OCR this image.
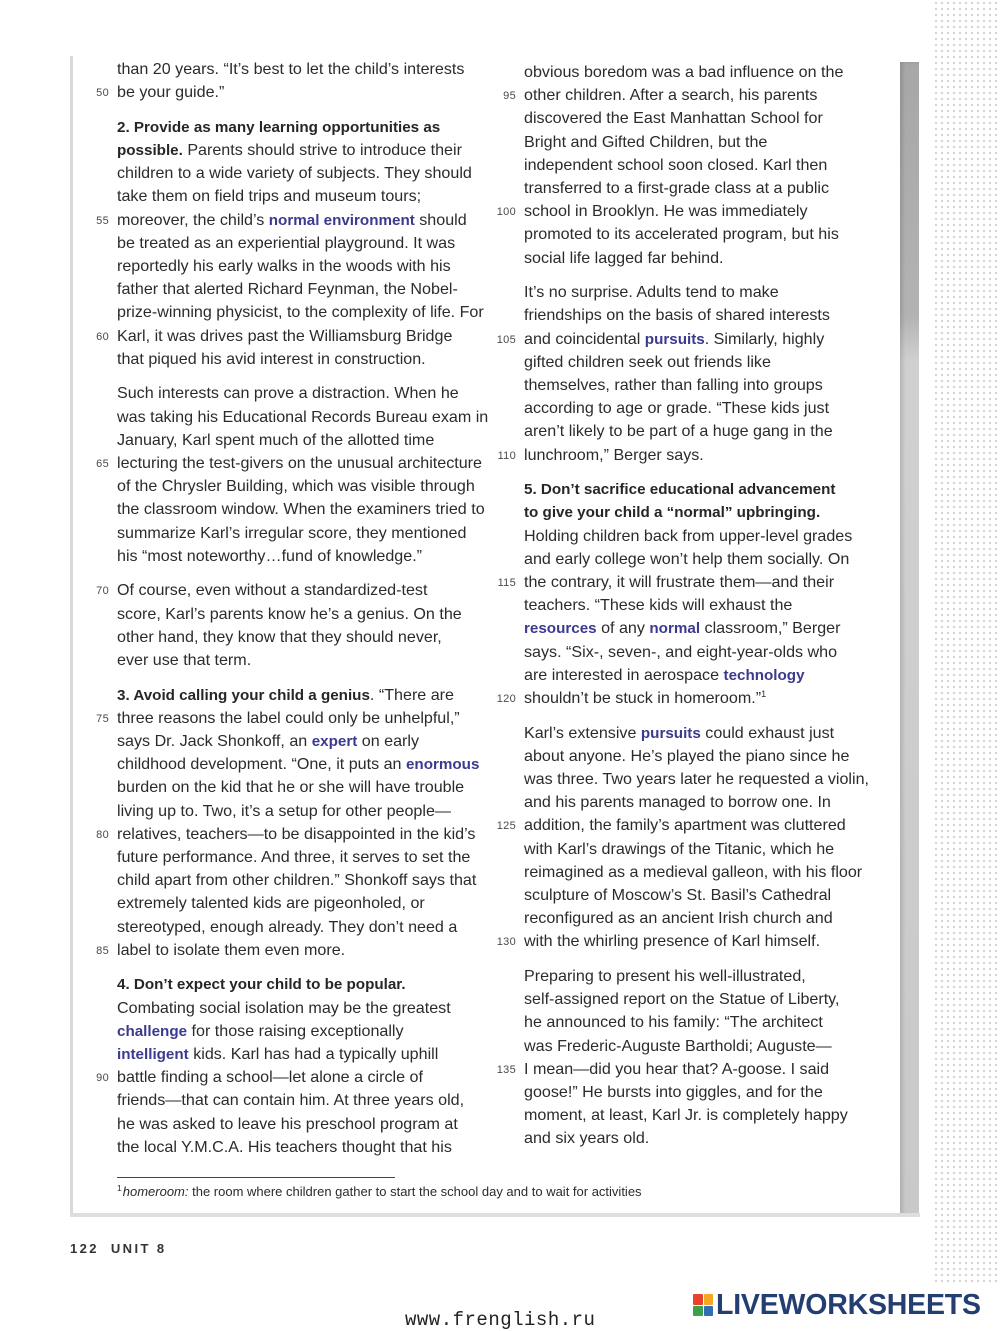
than 20 years. “It’s best to let the child’s interests
50 be your guide.”
2. Provide as many learning opportunities as
possible. Parents should strive to introduce their
children to a wide variety of subjects. They should
take them on field trips and museum tours;
55 moreover, the child’s normal environment should
be treated as an experiential playground. It was
reportedly his early walks in the woods with his
father that alerted Richard Feynman, the Nobel-
prize-winning physicist, to the complexity of life. For
60 Karl, it was drives past the Williamsburg Bridge
that piqued his avid interest in construction.
Such interests can prove a distraction. When he
was taking his Educational Records Bureau exam in
January, Karl spent much of the allotted time
65 lecturing the test-givers on the unusual architecture
of the Chrysler Building, which was visible through
the classroom window. When the examiners tried to
summarize Karl’s irregular score, they mentioned
his “most noteworthy…fund of knowledge.”
70 Of course, even without a standardized-test
score, Karl’s parents know he’s a genius. On the
other hand, they know that they should never,
ever use that term.
3. Avoid calling your child a genius. “There are
75 three reasons the label could only be unhelpful,”
says Dr. Jack Shonkoff, an expert on early
childhood development. “One, it puts an enormous
burden on the kid that he or she will have trouble
living up to. Two, it’s a setup for other people—
80 relatives, teachers—to be disappointed in the kid’s
future performance. And three, it serves to set the
child apart from other children.” Shonkoff says that
extremely talented kids are pigeonholed, or
stereotyped, enough already. They don’t need a
85 label to isolate them even more.
4. Don’t expect your child to be popular.
Combating social isolation may be the greatest
challenge for those raising exceptionally
intelligent kids. Karl has had a typically uphill
90 battle finding a school—let alone a circle of
friends—that can contain him. At three years old,
he was asked to leave his preschool program at
the local Y.M.C.A. His teachers thought that his
obvious boredom was a bad influence on the
95 other children. After a search, his parents
discovered the East Manhattan School for
Bright and Gifted Children, but the
independent school soon closed. Karl then
transferred to a first-grade class at a public
100 school in Brooklyn. He was immediately
promoted to its accelerated program, but his
social life lagged far behind.
It’s no surprise. Adults tend to make
friendships on the basis of shared interests
105 and coincidental pursuits. Similarly, highly
gifted children seek out friends like
themselves, rather than falling into groups
according to age or grade. “These kids just
aren’t likely to be part of a huge gang in the
110 lunchroom,” Berger says.
5. Don’t sacrifice educational advancement
to give your child a “normal” upbringing.
Holding children back from upper-level grades
and early college won’t help them socially. On
115 the contrary, it will frustrate them—and their
teachers. “These kids will exhaust the
resources of any normal classroom,” Berger
says. “Six-, seven-, and eight-year-olds who
are interested in aerospace technology
120 shouldn’t be stuck in homeroom.”$^1$
Karl’s extensive pursuits could exhaust just
about anyone. He’s played the piano since he
was three. Two years later he requested a violin,
and his parents managed to borrow one. In
125 addition, the family’s apartment was cluttered
with Karl’s drawings of the Titanic, which he
reimagined as a medieval galleon, with his floor
sculpture of Moscow’s St. Basil’s Cathedral
reconfigured as an ancient Irish church and
130 with the whirling presence of Karl himself.
Preparing to present his well-illustrated,
self-assigned report on the Statue of Liberty,
he announced to his family: “The architect
was Frederic-Auguste Bartholdi; Auguste—
135 I mean—did you hear that? A-goose. I said
goose!” He bursts into giggles, and for the
moment, at least, Karl Jr. is completely happy
and six years old.
$^1$homeroom: the room where children gather to start the school day and to wait for activities
122 UNIT 8
LIVEWORKSHEETS
www.frenglish.ru
